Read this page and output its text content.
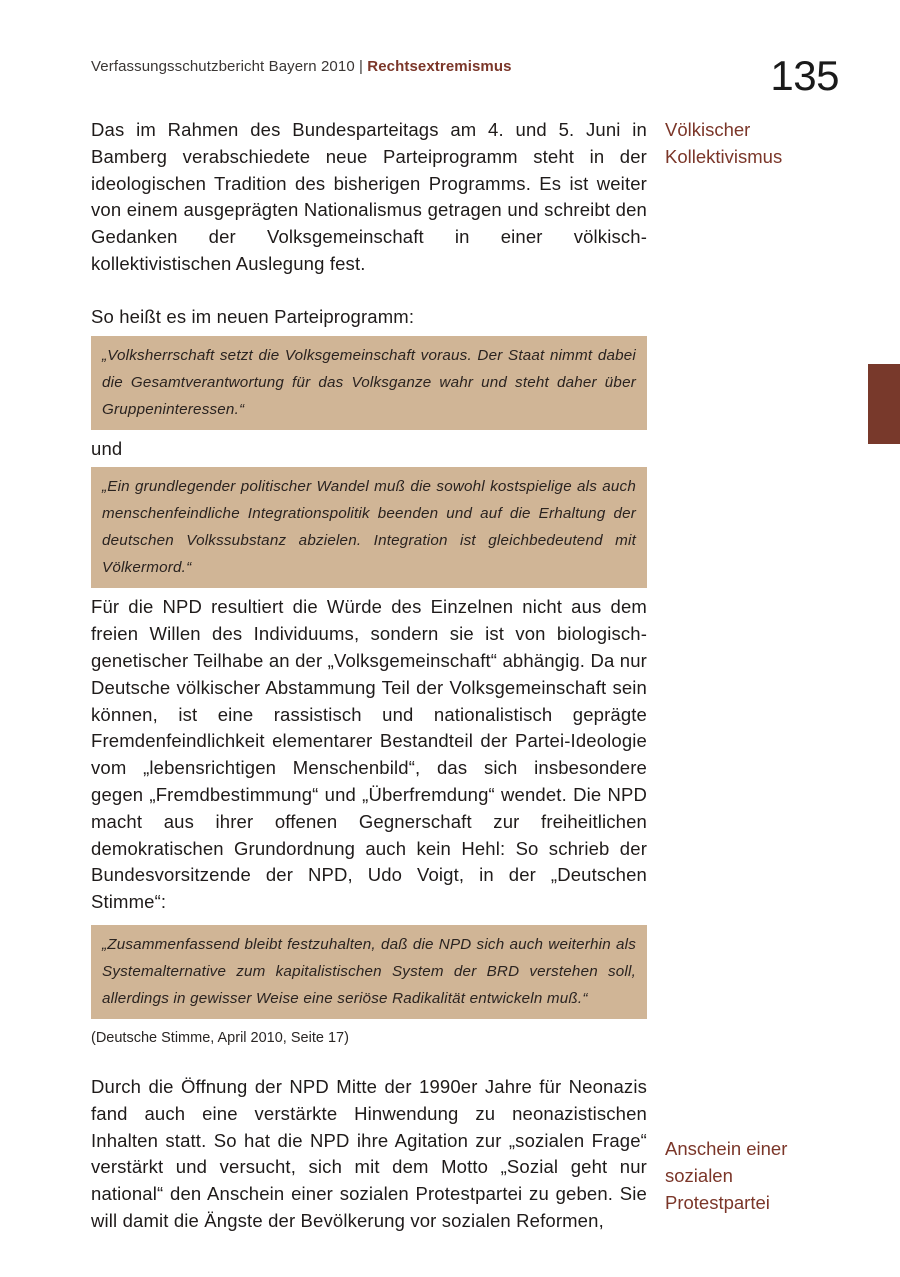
Verfassungsschutzbericht Bayern 2010 | Rechtsextremismus	135
Völkischer
Kollektivismus
Anschein einer
sozialen
Protestpartei

Das im Rahmen des Bundesparteitags am 4. und 5. Juni in Bamberg verabschiedete neue Parteiprogramm steht in der ideologischen Tradition des bisherigen Programms. Es ist weiter von einem ausgeprägten Nationalismus getragen und schreibt den Gedanken der Volksgemeinschaft in einer völkisch-kollektivistischen Auslegung fest.

So heißt es im neuen Parteiprogramm:

„Volksherrschaft setzt die Volksgemeinschaft voraus. Der Staat nimmt dabei die Gesamtverantwortung für das Volksganze wahr und steht daher über Gruppeninteressen.“

und

„Ein grundlegender politischer Wandel muß die sowohl kostspielige als auch menschenfeindliche Integrationspolitik beenden und auf die Erhaltung der deutschen Volkssubstanz abzielen. Integration ist gleichbedeutend mit Völkermord.“

Für die NPD resultiert die Würde des Einzelnen nicht aus dem freien Willen des Individuums, sondern sie ist von biologisch-genetischer Teilhabe an der „Volksgemeinschaft“ abhängig. Da nur Deutsche völkischer Abstammung Teil der Volksgemeinschaft sein können, ist eine rassistisch und nationalistisch geprägte Fremdenfeindlichkeit elementarer Bestandteil der Partei-Ideologie vom „lebensrichtigen Menschenbild“, das sich insbesondere gegen „Fremdbestimmung“ und „Überfremdung“ wendet. Die NPD macht aus ihrer offenen Gegnerschaft zur freiheitlichen demokratischen Grundordnung auch kein Hehl: So schrieb der Bundesvorsitzende der NPD, Udo Voigt, in der „Deutschen Stimme“:

„Zusammenfassend bleibt festzuhalten, daß die NPD sich auch weiterhin als Systemalternative zum kapitalistischen System der BRD verstehen soll, allerdings in gewisser Weise eine seriöse Radikalität entwickeln muß.“

(Deutsche Stimme, April 2010, Seite 17)

Durch die Öffnung der NPD Mitte der 1990er Jahre für Neonazis fand auch eine verstärkte Hinwendung zu neonazistischen Inhalten statt. So hat die NPD ihre Agitation zur „sozialen Frage“ verstärkt und versucht, sich mit dem Motto „Sozial geht nur national“ den Anschein einer sozialen Protestpartei zu geben. Sie will damit die Ängste der Bevölkerung vor sozialen Reformen,
